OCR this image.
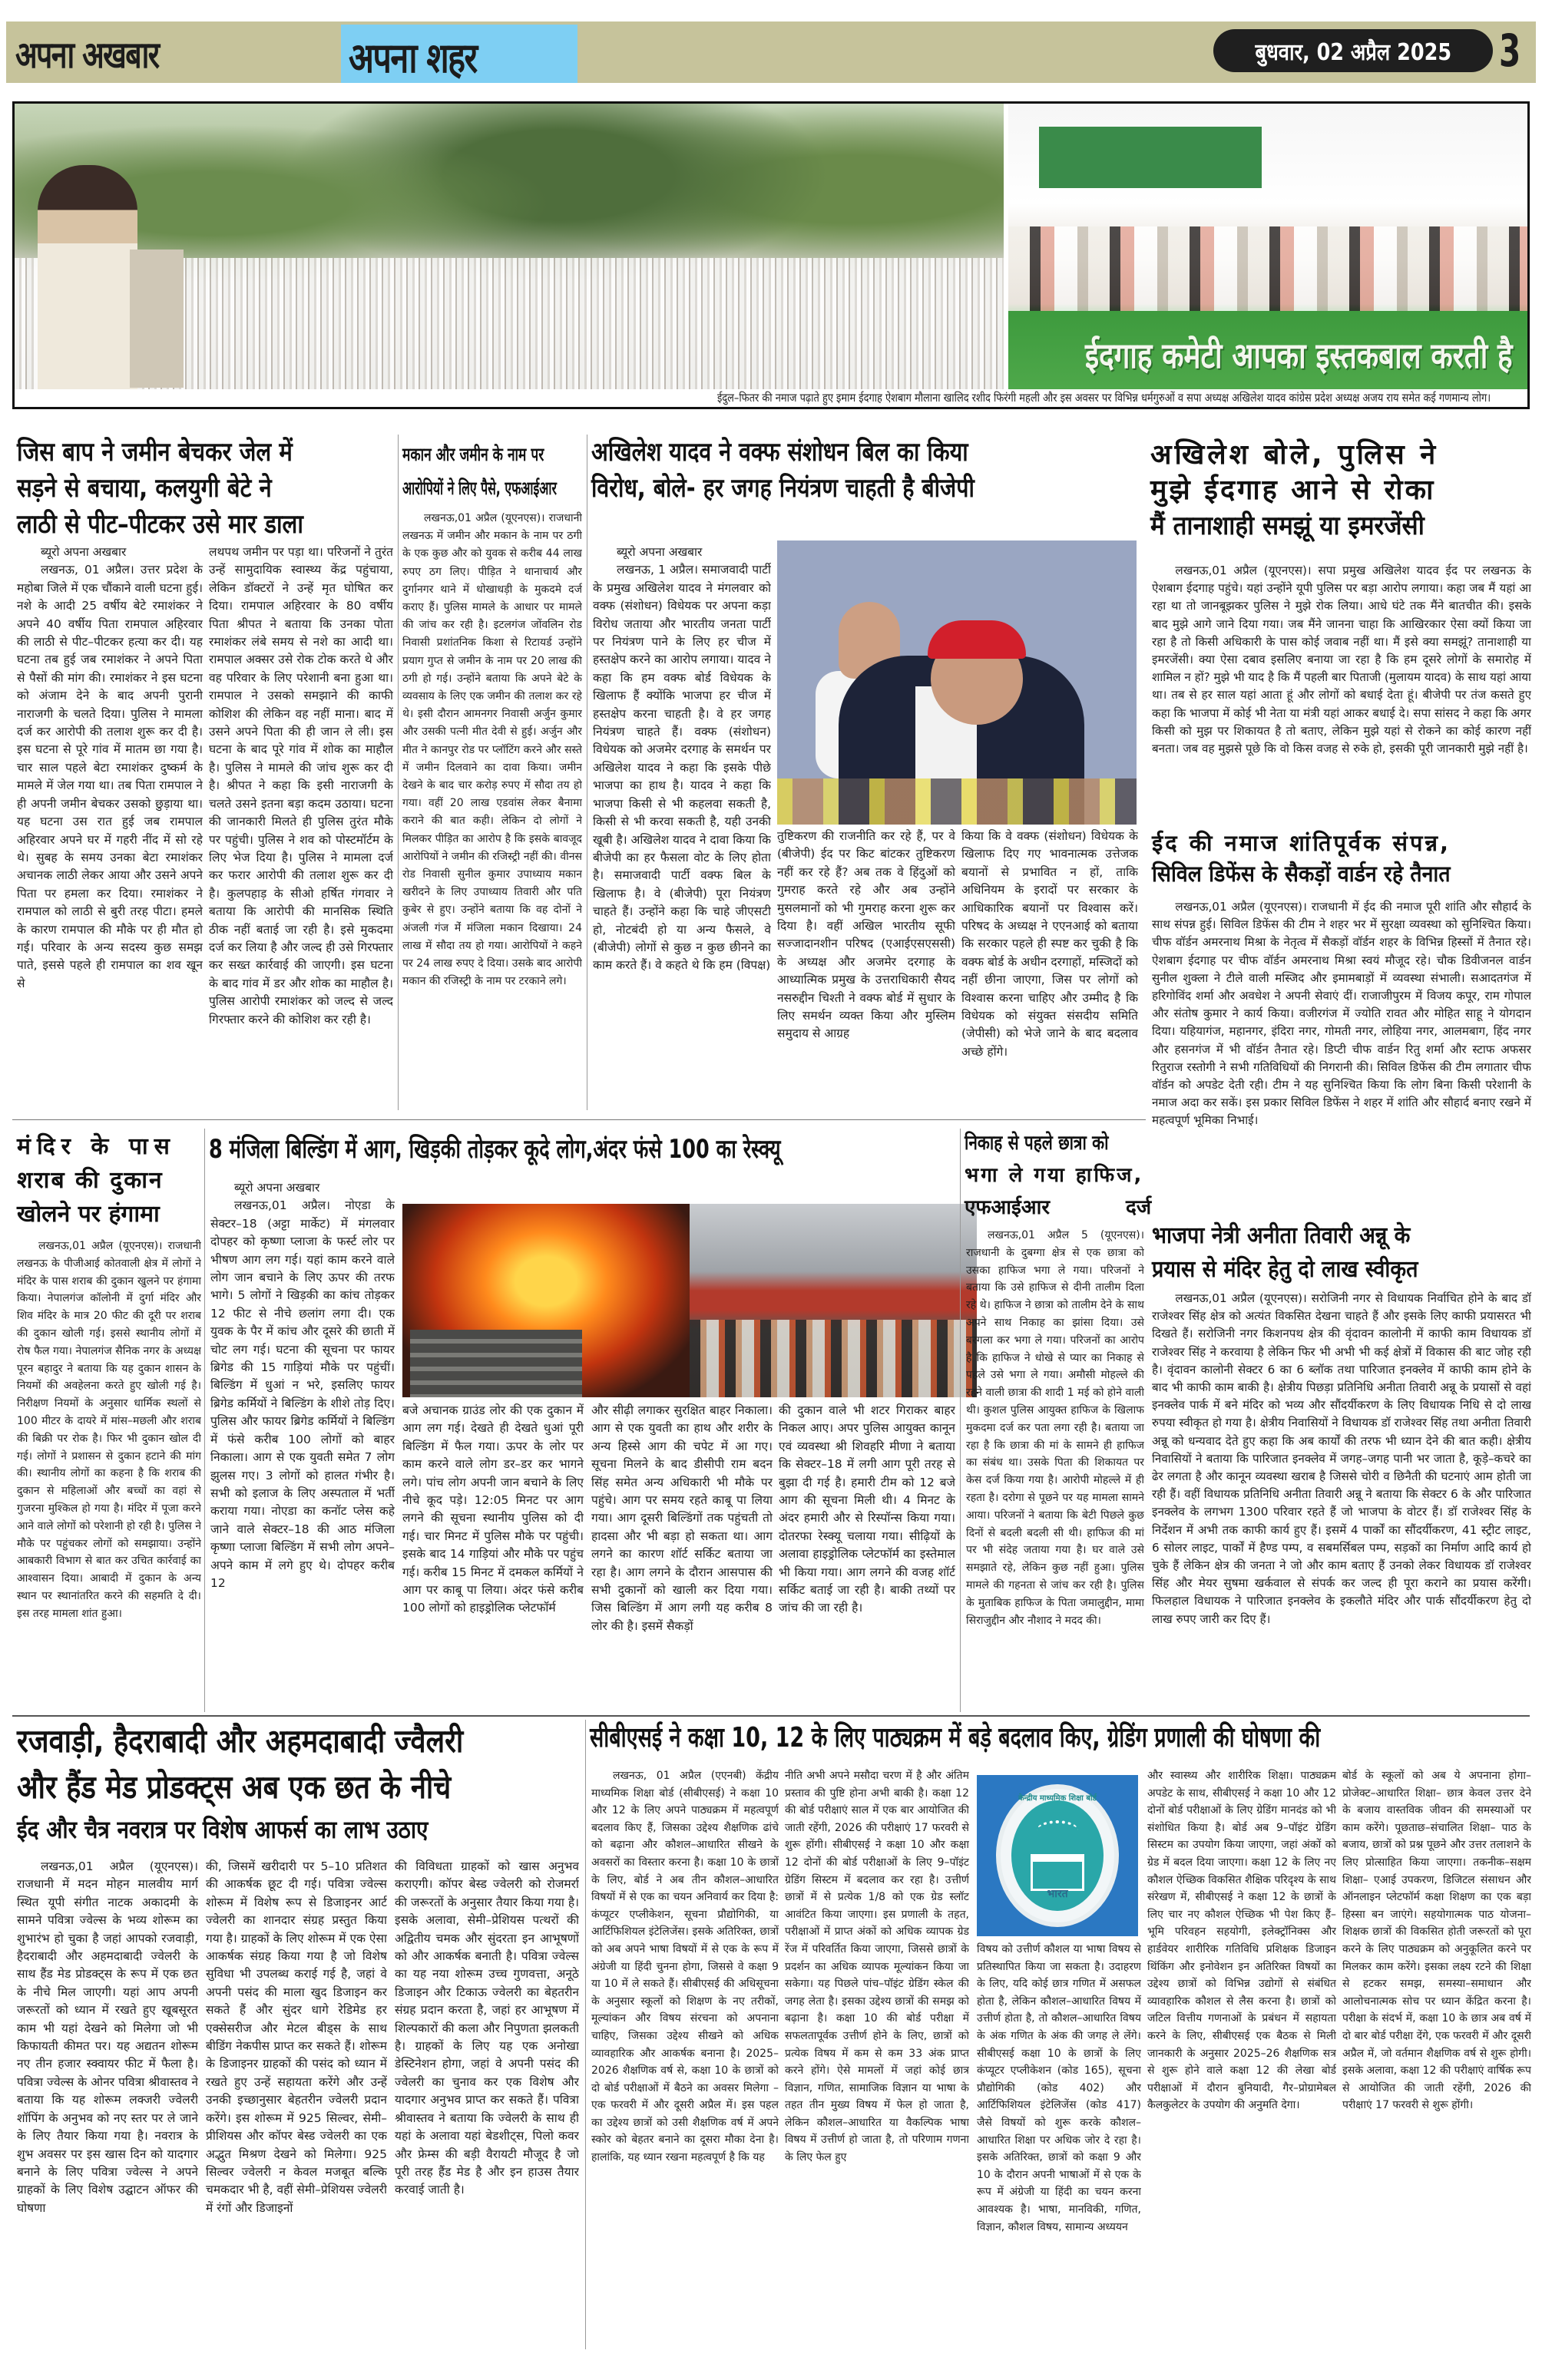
अपना अखबार	अपना शहर	बुधवार, 02 अप्रैल 2025 3
ईदगाह कमेटी आपका इस्तकबाल करती है
ईदुल–फितर की नमाज पढ़ाते हुए इमाम ईदगाह ऐशबाग मौलाना खालिद रशीद फिरंगी महली और इस अवसर पर विभिन्न धर्मगुरुओं व सपा अध्यक्ष अखिलेश यादव कांग्रेस प्रदेश अध्यक्ष अजय राय समेत कई गणमान्य लोग।
जिस बाप ने जमीन बेचकर जेल में
सड़ने से बचाया, कलयुगी बेटे ने
लाठी से पीट–पीटकर उसे मार डाला

ब्यूरो अपना अखबार

लखनऊ, 01 अप्रैल। उत्तर प्रदेश के महोबा जिले में एक चौंकाने वाली घटना हुई। नशे के आदी 25 वर्षीय बेटे रमाशंकर ने अपने 40 वर्षीय पिता रामपाल अहिरवार की लाठी से पीट–पीटकर हत्या कर दी। यह घटना तब हुई जब रमाशंकर ने अपने पिता से पैसों की मांग की। रमाशंकर ने इस घटना को अंजाम देने के बाद अपनी पुरानी नाराजगी के चलते दिया। पुलिस ने मामला दर्ज कर आरोपी की तलाश शुरू कर दी है। इस घटना से पूरे गांव में मातम छा गया है। चार साल पहले बेटा रमाशंकर दुष्कर्म के मामले में जेल गया था। तब पिता रामपाल ने ही अपनी जमीन बेचकर उसको छुड़ाया था। यह घटना उस रात हुई जब रामपाल अहिरवार अपने घर में गहरी नींद में सो रहे थे। सुबह के समय उनका बेटा रमाशंकर अचानक लाठी लेकर आया और उसने अपने पिता पर हमला कर दिया। रमाशंकर ने रामपाल को लाठी से बुरी तरह पीटा। हमले के कारण रामपाल की मौके पर ही मौत हो गई। परिवार के अन्य सदस्य कुछ समझ पाते, इससे पहले ही रामपाल का शव खून से

लथपथ जमीन पर पड़ा था। परिजनों ने तुरंत उन्हें सामुदायिक स्वास्थ्य केंद्र पहुंचाया, लेकिन डॉक्टरों ने उन्हें मृत घोषित कर दिया। रामपाल अहिरवार के 80 वर्षीय पिता श्रीपत ने बताया कि उनका पोता रमाशंकर लंबे समय से नशे का आदी था। रामपाल अक्सर उसे रोक टोक करते थे और वह परिवार के लिए परेशानी बना हुआ था। रामपाल ने उसको समझाने की काफी कोशिश की लेकिन वह नहीं माना। बाद में उसने अपने पिता की ही जान ले ली। इस घटना के बाद पूरे गांव में शोक का माहौल है। पुलिस ने मामले की जांच शुरू कर दी है। श्रीपत ने कहा कि इसी नाराजगी के चलते उसने इतना बड़ा कदम उठाया। घटना की जानकारी मिलते ही पुलिस तुरंत मौके पर पहुंची। पुलिस ने शव को पोस्टमॉर्टम के लिए भेज दिया है। पुलिस ने मामला दर्ज कर फरार आरोपी की तलाश शुरू कर दी है। कुलपहाड़ के सीओ हर्षित गंगवार ने बताया कि आरोपी की मानसिक स्थिति ठीक नहीं बताई जा रही है। इसे मुकदमा दर्ज कर लिया है और जल्द ही उसे गिरफ्तार कर सख्त कार्रवाई की जाएगी। इस घटना के बाद गांव में डर और शोक का माहौल है। पुलिस आरोपी रमाशंकर को जल्द से जल्द गिरफ्तार करने की कोशिश कर रही है।

मकान और जमीन के नाम पर
आरोपियों ने लिए पैसे, एफआईआर

लखनऊ,01 अप्रैल (यूएनएस)। राजधानी लखनऊ में जमीन और मकान के नाम पर ठगी के एक कुछ और को युवक से करीब 44 लाख रुपए ठग लिए। पीड़ित ने थानाचार्य और दुर्गानगर थाने में धोखाधड़ी के मुकदमे दर्ज कराए हैं। पुलिस मामले के आधार पर मामले की जांच कर रही है। इटलगंज जोंवलिन रोड निवासी प्रशांतनिक किशा से रिटायर्ड उन्होंने प्रयाग गुप्त से जमीन के नाम पर 20 लाख की ठगी हो गई। उन्होंने बताया कि अपने बेटे के व्यवसाय के लिए एक जमीन की तलाश कर रहे थे। इसी दौरान आमनगर निवासी अर्जुन कुमार और उसकी पत्नी मीत देवी से हुई। अर्जुन और मीत ने कानपुर रोड पर प्लॉटिंग करने और सस्ते में जमीन दिलवाने का दावा किया। जमीन देखने के बाद चार करोड़ रुपए में सौदा तय हो गया। वहीं 20 लाख एडवांस लेकर बैनामा कराने की बात कही। लेकिन दो लोगों ने मिलकर पीड़ित का आरोप है कि इसके बावजूद आरोपियों ने जमीन की रजिस्ट्री नहीं की। वीनस रोड निवासी सुनील कुमार उपाध्याय मकान खरीदने के लिए उपाध्याय तिवारी और पति कुबेर से हुए। उन्होंने बताया कि वह दोनों ने अंजली गंज मेंं मंजिला मकान दिखाया। 24 लाख में सौदा तय हो गया। आरोपियों ने कहने पर 24 लाख रुपए दे दिया। उसके बाद आरोपी मकान की रजिस्ट्री के नाम पर टरकाने लगे।

अखिलेश यादव ने वक्फ संशोधन बिल का किया
विरोध, बोले- हर जगह नियंत्रण चाहती है बीजेपी

ब्यूरो अपना अखबार

लखनऊ, 1 अप्रैल। समाजवादी पार्टी के प्रमुख अखिलेश यादव ने मंगलवार को वक्फ (संशोधन) विधेयक पर अपना कड़ा विरोध जताया और भारतीय जनता पार्टी पर नियंत्रण पाने के लिए हर चीज में हस्तक्षेप करने का आरोप लगाया। यादव ने कहा कि हम वक्फ बोर्ड विधेयक के खिलाफ हैं क्योंकि भाजपा हर चीज में हस्तक्षेप करना चाहती है। वे हर जगह नियंत्रण चाहते हैं। वक्फ (संशोधन) विधेयक को अजमेर दरगाह के समर्थन पर अखिलेश यादव ने कहा कि इसके पीछे भाजपा का हाथ है। यादव ने कहा कि भाजपा किसी से भी कहलवा सकती है, किसी से भी करवा सकती है, यही उनकी खूबी है। अखिलेश यादव ने दावा किया कि बीजेपी का हर फैसला वोट के लिए होता है। समाजवादी पार्टी वक्फ बिल के खिलाफ है। वे (बीजेपी) पूरा नियंत्रण चाहते हैं। उन्होंने कहा कि चाहे जीएसटी हो, नोटबंदी हो या अन्य फैसले, वे (बीजेपी) लोगों से कुछ न कुछ छीनने का काम करते हैं। वे कहते थे कि हम (विपक्ष)

तुष्टिकरण की राजनीति कर रहे हैं, पर वे (बीजेपी) ईद पर किट बांटकर तुष्टिकरण नहीं कर रहे हैं? अब तक वे हिंदुओं को गुमराह करते रहे और अब उन्होंने मुसलमानों को भी गुमराह करना शुरू कर दिया है। वहीं अखिल भारतीय सूफी सज्जादानशीन परिषद (एआईएसएससी) के अध्यक्ष और अजमेर दरगाह के आध्यात्मिक प्रमुख के उत्तराधिकारी सैयद नसरुद्दीन चिश्ती ने वक्फ बोर्ड में सुधार के लिए समर्थन व्यक्त किया और मुस्लिम समुदाय से आग्रह

किया कि वे वक्फ (संशोधन) विधेयक के खिलाफ दिए गए भावनात्मक उत्तेजक बयानों से प्रभावित न हों, ताकि अधिनियम के इरादों पर सरकार के आधिकारिक बयानों पर विश्वास करें। परिषद के अध्यक्ष ने एएनआई को बताया कि सरकार पहले ही स्पष्ट कर चुकी है कि वक्फ बोर्ड के अधीन दरगाहों, मस्जिदों को नहीं छीना जाएगा, जिस पर लोगों को विश्वास करना चाहिए और उम्मीद है कि विधेयक को संयुक्त संसदीय समिति (जेपीसी) को भेजे जाने के बाद बदलाव अच्छे होंगे।

अखिलेश बोले, पुलिस ने
मुझे ईदगाह आने से रोका
मैं तानाशाही समझूं या इमरजेंसी

लखनऊ,01 अप्रैल (यूएनएस)। सपा प्रमुख अखिलेश यादव ईद पर लखनऊ के ऐशबाग ईदगाह पहुंचे। यहां उन्होंने यूपी पुलिस पर बड़ा आरोप लगाया। कहा जब मैं यहां आ रहा था तो जानबूझकर पुलिस ने मुझे रोक लिया। आधे घंटे तक मैंने बातचीत की। इसके बाद मुझे आगे जाने दिया गया। जब मैंने जानना चाहा कि आखिरकार ऐसा क्यों किया जा रहा है तो किसी अधिकारी के पास कोई जवाब नहीं था। मैं इसे क्या समझूं? तानाशाही या इमरजेंसी। क्या ऐसा दबाव इसलिए बनाया जा रहा है कि हम दूसरे लोगों के समारोह में शामिल न हों? मुझे भी याद है कि मैं पहली बार पिताजी (मुलायम यादव) के साथ यहां आया था। तब से हर साल यहां आता हूं और लोगों को बधाई देता हूं। बीजेपी पर तंज कसते हुए कहा कि भाजपा में कोई भी नेता या मंत्री यहां आकर बधाई दे। सपा सांसद ने कहा कि अगर किसी को मुझ पर शिकायत है तो बताए, लेकिन मुझे यहां से रोकने का कोई कारण नहीं बनता। जब वह मुझसे पूछे कि वो किस वजह से रुके हो, इसकी पूरी जानकारी मुझे नहीं है।

ईद की नमाज शांतिपूर्वक संपन्न,
सिविल डिफेंस के सैकड़ों वार्डन रहे तैनात

लखनऊ,01 अप्रैल (यूएनएस)। राजधानी में ईद की नमाज पूरी शांति और सौहार्द के साथ संपन्न हुई। सिविल डिफेंस की टीम ने शहर भर में सुरक्षा व्यवस्था को सुनिश्चित किया। चीफ वॉर्डन अमरनाथ मिश्रा के नेतृत्व में सैकड़ों वॉर्डन शहर के विभिन्न हिस्सों में तैनात रहे। ऐशबाग ईदगाह पर चीफ वॉर्डन अमरनाथ मिश्रा स्वयं मौजूद रहे। चौक डिवीजनल वार्डन सुनील शुक्ला ने टीले वाली मस्जिद और इमामबाड़ों में व्यवस्था संभाली। सआदतगंज में हरिगोविंद शर्मा और अवधेश ने अपनी सेवाएं दीं। राजाजीपुरम में विजय कपूर, राम गोपाल और संतोष कुमार ने कार्य किया। वजीरगंज में ज्योति रावत और मोहित साहू ने योगदान दिया। यहियागंज, महानगर, इंदिरा नगर, गोमती नगर, लोहिया नगर, आलमबाग, हिंद नगर और हसनगंज में भी वॉर्डन तैनात रहे। डिप्टी चीफ वार्डन रितु शर्मा और स्टाफ अफसर रितुराज रस्तोगी ने सभी गतिविधियों की निगरानी की। सिविल डिफेंस की टीम लगातार चीफ वॉर्डन को अपडेट देती रही। टीम ने यह सुनिश्चित किया कि लोग बिना किसी परेशानी के नमाज अदा कर सकें। इस प्रकार सिविल डिफेंस ने शहर में शांति और सौहार्द बनाए रखने में महत्वपूर्ण भूमिका निभाई।

मंदिर के पास
शराब की दुकान
खोलने पर हंगामा

लखनऊ,01 अप्रैल (यूएनएस)। राजधानी लखनऊ के पीजीआई कोतवाली क्षेत्र में लोगों ने मंदिर के पास शराब की दुकान खुलने पर हंगामा किया। नेपालगंज कॉलोनी में दुर्गा मंदिर और शिव मंदिर के मात्र 20 फीट की दूरी पर शराब की दुकान खोली गई। इससे स्थानीय लोगों में रोष फैल गया। नेपालगंज सैनिक नगर के अध्यक्ष पूरन बहादुर ने बताया कि यह दुकान शासन के नियमों की अवहेलना करते हुए खोली गई है। निरीक्षण नियमों के अनुसार धार्मिक स्थलों से 100 मीटर के दायरे में मांस–मछली और शराब की बिक्री पर रोक है। फिर भी दुकान खोल दी गई। लोगों ने प्रशासन से दुकान हटाने की मांग की। स्थानीय लोगों का कहना है कि शराब की दुकान से महिलाओं और बच्चों का वहां से गुजरना मुश्किल हो गया है। मंदिर में पूजा करने आने वाले लोगों को परेशानी हो रही है। पुलिस ने मौके पर पहुंचकर लोगों को समझाया। उन्होंने आबकारी विभाग से बात कर उचित कार्रवाई का आश्वासन दिया। आबादी में दुकान के अन्य स्थान पर स्थानांतरित करने की सहमति दे दी। इस तरह मामला शांत हुआ।

8 मंजिला बिल्डिंग में आग, खिड़की तोड़कर कूदे लोग,अंदर फंसे 100 का रेस्क्यू

ब्यूरो अपना अखबार

लखनऊ,01 अप्रैल। नोएडा के सेक्टर–18 (अट्टा मार्केट) में मंगलवार दोपहर को कृष्णा प्लाजा के फर्स्ट लोर पर भीषण आग लग गई। यहां काम करने वाले लोग जान बचाने के लिए ऊपर की तरफ भागे। 5 लोगों ने खिड़की का कांच तोड़कर 12 फीट से नीचे छलांग लगा दी। एक युवक के पैर में कांच और दूसरे की छाती में चोट लग गई। घटना की सूचना पर फायर ब्रिगेड की 15 गाड़ियां मौके पर पहुंचीं। बिल्डिंग में धुआं न भरे, इसलिए फायर ब्रिगेड कर्मियों ने बिल्डिंग के शीशे तोड़ दिए। पुलिस और फायर ब्रिगेड कर्मियों ने बिल्डिंग में फंसे करीब 100 लोगों को बाहर निकाला। आग से एक युवती समेत 7 लोग झुलस गए। 3 लोगों को हालत गंभीर है। सभी को इलाज के लिए अस्पताल में भर्ती कराया गया। नोएडा का कनॉट प्लेस कहे जाने वाले सेक्टर–18 की आठ मंजिला कृष्णा प्लाजा बिल्डिंग में सभी लोग अपने–अपने काम में लगे हुए थे। दोपहर करीब 12

बजे अचानक ग्राउंड लोर की एक दुकान में आग लग गई। देखते ही देखते धुआं पूरी बिल्डिंग में फैल गया। ऊपर के लोर पर काम करने वाले लोग डर–डर कर भागने लगे। पांच लोग अपनी जान बचाने के लिए नीचे कूद पड़े। 12:05 मिनट पर आग लगने की सूचना स्थानीय पुलिस को दी गई। चार मिनट में पुलिस मौके पर पहुंची। इसके बाद 14 गाड़ियां और मौके पर पहुंच गई। करीब 15 मिनट में दमकल कर्मियों ने आग पर काबू पा लिया। अंदर फंसे करीब 100 लोगों को हाइड्रोलिक प्लेटफॉर्म

और सीढ़ी लगाकर सुरक्षित बाहर निकाला। आग से एक युवती का हाथ और शरीर के अन्य हिस्से आग की चपेट में आ गए। सूचना मिलने के बाद डीसीपी राम बदन सिंह समेत अन्य अधिकारी भी मौके पर पहुंचे। आग पर समय रहते काबू पा लिया गया। आग दूसरी बिल्डिंगों तक पहुंचती तो हादसा और भी बड़ा हो सकता था। आग लगने का कारण शॉर्ट सर्किट बताया जा रहा है। आग लगने के दौरान आसपास की सभी दुकानों को खाली कर दिया गया। जिस बिल्डिंग में आग लगी यह करीब 8 लोर की है। इसमें सैकड़ों

की दुकान वाले भी शटर गिराकर बाहर निकल आए। अपर पुलिस आयुक्त कानून एवं व्यवस्था श्री शिवहरि मीणा ने बताया कि सेक्टर–18 में लगी आग पूरी तरह से बुझा दी गई है। हमारी टीम को 12 बजे आग की सूचना मिली थी। 4 मिनट के अंदर हमारी और से रिस्पॉन्स किया गया। दोतरफा रेस्क्यू चलाया गया। सीढ़ियों के अलावा हाइड्रोलिक प्लेटफॉर्म का इस्तेमाल भी किया गया। आग लगने की वजह शॉर्ट सर्किट बताई जा रही है। बाकी तथ्यों पर जांच की जा रही है।

निकाह से पहले छात्रा को
भगा ले गया हाफिज,
एफआईआर दर्ज

लखनऊ,01 अप्रैल 5 (यूएनएस)। राजधानी के दुबग्गा क्षेत्र से एक छात्रा को उसका हाफिज भगा ले गया। परिजनों ने बताया कि उसे हाफिज से दीनी तालीम दिला रहे थे। हाफिज ने छात्रा को तालीम देने के साथ अपने साथ निकाह का झांसा दिया। उसे बरगला कर भगा ले गया। परिजनों का आरोप है कि हाफिज ने धोखे से प्यार का निकाह से पहले उसे भगा ले गया। अमौसी मोहल्ले की रहने वाली छात्रा की शादी 1 मई को होने वाली थी। कुशल पुलिस आयुक्त हाफिज के खिलाफ मुकदमा दर्ज कर पता लगा रही है। बताया जा रहा है कि छात्रा की मां के सामने ही हाफिज का संबंध था। उसके पिता की शिकायत पर केस दर्ज किया गया है। आरोपी मोहल्ले में ही रहता है। दरोगा से पूछने पर यह मामला सामने आया। परिजनों ने बताया कि बेटी पिछले कुछ दिनों से बदली बदली सी थी। हाफिज की मां पर भी संदेह जताया गया है। घर वाले उसे समझाते रहे, लेकिन कुछ नहीं हुआ। पुलिस मामले की गहनता से जांच कर रही है। पुलिस के मुताबिक हाफिज के पिता जमालुद्दीन, मामा सिराजुद्दीन और नौशाद ने मदद की।

भाजपा नेत्री अनीता तिवारी अन्नू के
प्रयास से मंदिर हेतु दो लाख स्वीकृत

लखनऊ,01 अप्रैल (यूएनएस)। सरोजिनी नगर से विधायक निर्वाचित होने के बाद डॉ राजेश्वर सिंह क्षेत्र को अत्यंत विकसित देखना चाहते हैं और इसके लिए काफी प्रयासरत भी दिखते हैं। सरोजिनी नगर किशनपथ क्षेत्र की वृंदावन कालोनी में काफी काम विधायक डॉ राजेश्वर सिंह ने करवाया है लेकिन फिर भी अभी भी कई क्षेत्रों में विकास की बाट जोह रही है। वृंदावन कालोनी सेक्टर 6 का 6 ब्लॉक तथा पारिजात इनक्लेव में काफी काम होने के बाद भी काफी काम बाकी है। क्षेत्रीय पिछड़ा प्रतिनिधि अनीता तिवारी अन्नू के प्रयासों से वहां इनक्लेव पार्क में बने मंदिर को भव्य और सौंदर्यीकरण के लिए विधायक निधि से दो लाख रुपया स्वीकृत हो गया है। क्षेत्रीय निवासियों ने विधायक डॉ राजेश्वर सिंह तथा अनीता तिवारी अन्नू को धन्यवाद देते हुए कहा कि अब कार्यों की तरफ भी ध्यान देने की बात कही। क्षेत्रीय निवासियों ने बताया कि पारिजात इनक्लेव में जगह–जगह पानी भर जाता है, कूड़े–कचरे का ढेर लगता है और कानून व्यवस्था खराब है जिससे चोरी व छिनैती की घटनाएं आम होती जा रही हैं। वहीं विधायक प्रतिनिधि अनीता तिवारी अन्नू ने बताया कि सेक्टर 6 के और पारिजात इनक्लेव के लगभग 1300 परिवार रहते हैं जो भाजपा के वोटर हैं। डॉ राजेश्वर सिंह के निर्देशन में अभी तक काफी कार्य हुए हैं। इसमें 4 पार्कों का सौंदर्यीकरण, 41 स्ट्रीट लाइट, 6 सोलर लाइट, पार्कों में हैण्ड पम्प, व सबमर्सिबल पम्प, सड़कों का निर्माण आदि कार्य हो चुके हैं लेकिन क्षेत्र की जनता ने जो और काम बताए हैं उनको लेकर विधायक डॉ राजेश्वर सिंह और मेयर सुषमा खर्कवाल से संपर्क कर जल्द ही पूरा कराने का प्रयास करेंगी। फिलहाल विधायक ने पारिजात इनक्लेव के इकलौते मंदिर और पार्क सौंदर्यीकरण हेतु दो लाख रुपए जारी कर दिए हैं।

रजवाड़ी, हैदराबादी और अहमदाबादी ज्वैलरी
और हैंड मेड प्रोडक्ट्स अब एक छत के नीचे
ईद और चैत्र नवरात्र पर विशेष आफर्स का लाभ उठाए

लखनऊ,01 अप्रैल (यूएनएस)। राजधानी में मदन मोहन मालवीय मार्ग स्थित यूपी संगीत नाटक अकादमी के सामने पवित्रा ज्वेल्स के भव्य शोरूम का शुभारंभ हो चुका है जहां आपको रजवाड़ी, हैदराबादी और अहमदाबादी ज्वेलरी के साथ हैंड मेड प्रोडक्ट्स के रूप में एक छत के नीचे मिल जाएगी। यहां आप अपनी जरूरतों को ध्यान में रखते हुए खूबसूरत काम भी यहां देखने को मिलेगा जो भी किफायती कीमत पर। यह अद्यतन शोरूम नए तीन हजार स्क्वायर फीट में फैला है। पवित्रा ज्वेल्स के ओनर पवित्रा श्रीवास्तव ने बताया कि यह शोरूम लक्जरी ज्वेलरी शॉपिंग के अनुभव को नए स्तर पर ले जाने के लिए तैयार किया गया है। नवरात्र के शुभ अवसर पर इस खास दिन को यादगार बनाने के लिए पवित्रा ज्वेल्स ने अपने ग्राहकों के लिए विशेष उद्घाटन ऑफर की घोषणा

की, जिसमें खरीदारी पर 5–10 प्रतिशत की आकर्षक छूट दी गई। पवित्रा ज्वेल्स शोरूम में विशेष रूप से डिजाइनर आर्ट ज्वेलरी का शानदार संग्रह प्रस्तुत किया गया है। ग्राहकों के लिए शोरूम में एक ऐसा आकर्षक संग्रह किया गया है जो विशेष सुविधा भी उपलब्ध कराई गई है, जहां वे अपनी पसंद की माला खुद डिजाइन कर सकते हैं और सुंदर धागे रेडिमेड हर एक्सेसरीज और मेटल बीड्स के साथ बीडिंग नेकपीस प्राप्त कर सकते हैं। शोरूम के डिजाइनर ग्राहकों की पसंद को ध्यान में रखते हुए उन्हें सहायता करेंगे और उन्हें उनकी इच्छानुसार बेहतरीन ज्वेलरी प्रदान करेंगे। इस शोरूम में 925 सिल्वर, सेमी–प्रीशियस और कॉपर बेस्ड ज्वेलरी का एक अद्भुत मिश्रण देखने को मिलेगा। 925 सिल्वर ज्वेलरी न केवल मजबूत बल्कि चमकदार भी है, वहीं सेमी–प्रेशियस ज्वेलरी में रंगों और डिजाइनों

की विविधता ग्राहकों को खास अनुभव कराएगी। कॉपर बेस्ड ज्वेलरी को रोजमर्रा की जरूरतों के अनुसार तैयार किया गया है। इसके अलावा, सेमी–प्रेशियस पत्थरों की अद्वितीय चमक और सुंदरता इन आभूषणों को और आकर्षक बनाती है। पवित्रा ज्वेल्स का यह नया शोरूम उच्च गुणवत्ता, अनूठे डिजाइन और टिकाऊ ज्वेलरी का बेहतरीन संग्रह प्रदान करता है, जहां हर आभूषण में शिल्पकारों की कला और निपुणता झलकती है। ग्राहकों के लिए यह एक अनोखा डेस्टिनेशन होगा, जहां वे अपनी पसंद की ज्वेलरी का चुनाव कर एक विशेष और यादगार अनुभव प्राप्त कर सकते हैं। पवित्रा श्रीवास्तव ने बताया कि ज्वेलरी के साथ ही यहां के अलावा यहां बेडशीट्स, पिलो कवर और फ्रेम्स की बड़ी वैरायटी मौजूद है जो पूरी तरह हैंड मेड है और इन हाउस तैयार करवाई जाती है।

सीबीएसई ने कक्षा 10, 12 के लिए पाठ्यक्रम में बड़े बदलाव किए, ग्रेडिंग प्रणाली की घोषणा की

लखनऊ, 01 अप्रैल (एएनबी) केंद्रीय माध्यमिक शिक्षा बोर्ड (सीबीएसई) ने कक्षा 10 और 12 के लिए अपने पाठ्यक्रम में महत्वपूर्ण बदलाव किए हैं, जिसका उद्देश्य शैक्षणिक ढांचे को बढ़ाना और कौशल–आधारित सीखने के अवसरों का विस्तार करना है। कक्षा 10 के छात्रों के लिए, बोर्ड ने अब तीन कौशल–आधारित विषयों में से एक का चयन अनिवार्य कर दिया है: कंप्यूटर एप्लीकेशन, सूचना प्रौद्योगिकी, या आर्टिफिशियल इंटेलिजेंस। इसके अतिरिक्त, छात्रों को अब अपने भाषा विषयों में से एक के रूप में अंग्रेजी या हिंदी चुनना होगा, जिससे वे कक्षा 9 या 10 में ले सकते हैं। सीबीएसई की अधिसूचना के अनुसार स्कूलों को शिक्षण के नए तरीकों, मूल्यांकन और विषय संरचना को अपनाना चाहिए, जिसका उद्देश्य सीखने को अधिक व्यावहारिक और आकर्षक बनाना है। 2025–2026 शैक्षणिक वर्ष से, कक्षा 10 के छात्रों को दो बोर्ड परीक्षाओं में बैठने का अवसर मिलेगा – एक फरवरी में और दूसरी अप्रैल में। इस पहल का उद्देश्य छात्रों को उसी शैक्षणिक वर्ष में अपने स्कोर को बेहतर बनाने का दूसरा मौका देना है। हालांकि, यह ध्यान रखना महत्वपूर्ण है कि यह

नीति अभी अपने मसौदा चरण में है और अंतिम प्रस्ताव की पुष्टि होना अभी बाकी है। कक्षा 12 की बोर्ड परीक्षाएं साल में एक बार आयोजित की जाती रहेंगी, 2026 की परीक्षाएं 17 फरवरी से शुरू होंगी। सीबीएसई ने कक्षा 10 और कक्षा 12 दोनों की बोर्ड परीक्षाओं के लिए 9–पॉइंट ग्रेडिंग सिस्टम में बदलाव कर रहा है। उत्तीर्ण छात्रों में से प्रत्येक 1/8 को एक ग्रेड स्लॉट आवंटित किया जाएगा। इस प्रणाली के तहत, परीक्षाओं में प्राप्त अंकों को अधिक व्यापक ग्रेड रेंज में परिवर्तित किया जाएगा, जिससे छात्रों के प्रदर्शन का अधिक व्यापक मूल्यांकन किया जा सकेगा। यह पिछले पांच–पॉइंट ग्रेडिंग स्केल की जगह लेता है। इसका उद्देश्य छात्रों की समझ को बढ़ाना है। कक्षा 10 की बोर्ड परीक्षा में सफलतापूर्वक उत्तीर्ण होने के लिए, छात्रों को प्रत्येक विषय में कम से कम 33 अंक प्राप्त करने होंगे। ऐसे मामलों में जहां कोई छात्र विज्ञान, गणित, सामाजिक विज्ञान या भाषा के तहत तीन मुख्य विषय में फेल हो जाता है, लेकिन कौशल–आधारित या वैकल्पिक भाषा विषय में उत्तीर्ण हो जाता है, तो परिणाम गणना के लिए फेल हुए

केन्द्रीय माध्यमिक शिक्षा बोर्ड
भारत

विषय को उत्तीर्ण कौशल या भाषा विषय से प्रतिस्थापित किया जा सकता है। उदाहरण के लिए, यदि कोई छात्र गणित में असफल होता है, लेकिन कौशल–आधारित विषय में उत्तीर्ण होता है, तो कौशल–आधारित विषय के अंक गणित के अंक की जगह ले लेंगे। सीबीएसई कक्षा 10 के छात्रों के लिए कंप्यूटर एप्लीकेशन (कोड 165), सूचना प्रौद्योगिकी (कोड 402) और आर्टिफिशियल इंटेलिजेंस (कोड 417) जैसे विषयों को शुरू करके कौशल–आधारित शिक्षा पर अधिक जोर दे रहा है। इसके अतिरिक्त, छात्रों को कक्षा 9 और 10 के दौरान अपनी भाषाओं में से एक के रूप में अंग्रेजी या हिंदी का चयन करना आवश्यक है। भाषा, मानविकी, गणित, विज्ञान, कौशल विषय, सामान्य अध्ययन

और स्वास्थ्य और शारीरिक शिक्षा। पाठ्यक्रम अपडेट के साथ, सीबीएसई ने कक्षा 10 और 12 दोनों बोर्ड परीक्षाओं के लिए ग्रेडिंग मानदंड को भी संशोधित किया है। बोर्ड अब 9–पॉइंट ग्रेडिंग सिस्टम का उपयोग किया जाएगा, जहां अंकों को ग्रेड में बदल दिया जाएगा। कक्षा 12 के लिए नए कौशल ऐच्छिक विकसित शैक्षिक परिदृश्य के साथ संरेखण में, सीबीएसई ने कक्षा 12 के छात्रों के लिए चार नए कौशल ऐच्छिक भी पेश किए हैं– भूमि परिवहन सहयोगी, इलेक्ट्रॉनिक्स और हार्डवेयर शारीरिक गतिविधि प्रशिक्षक डिजाइन थिंकिंग और इनोवेशन इन अतिरिक्त विषयों का उद्देश्य छात्रों को विभिन्न उद्योगों से संबंधित व्यावहारिक कौशल से लैस करना है। छात्रों को जटिल वित्तीय गणनाओं के प्रबंधन में सहायता करने के लिए, सीबीएसई एक बैठक से मिली जानकारी के अनुसार 2025–26 शैक्षणिक सत्र से शुरू होने वाले कक्षा 12 की लेखा बोर्ड परीक्षाओं में दौरान बुनियादी, गैर–प्रोग्रामेबल कैलकुलेटर के उपयोग की अनुमति देगा।

बोर्ड के स्कूलों को अब ये अपनाना होगा– प्रोजेक्ट–आधारित शिक्षा– छात्र केवल उत्तर देने के बजाय वास्तविक जीवन की समस्याओं पर काम करेंगे। पूछताछ–संचालित शिक्षा– पाठ के बजाय, छात्रों को प्रश्न पूछने और उत्तर तलाशने के लिए प्रोत्साहित किया जाएगा। तकनीक–सक्षम शिक्षा– एआई उपकरण, डिजिटल संसाधन और ऑनलाइन प्लेटफॉर्म कक्षा शिक्षण का एक बड़ा हिस्सा बन जाएंगे। सहयोगात्मक पाठ योजना– शिक्षक छात्रों की विकसित होती जरूरतों को पूरा करने के लिए पाठ्यक्रम को अनुकूलित करने पर मिलकर काम करेंगे। इसका लक्ष्य रटने की शिक्षा से हटकर समझ, समस्या–समाधान और आलोचनात्मक सोच पर ध्यान केंद्रित करना है। परीक्षा के संदर्भ में, कक्षा 10 के छात्र अब वर्ष में दो बार बोर्ड परीक्षा देंगे, एक फरवरी में और दूसरी अप्रैल में, जो वर्तमान शैक्षणिक वर्ष से शुरू होगी। इसके अलावा, कक्षा 12 की परीक्षाएं वार्षिक रूप से आयोजित की जाती रहेंगी, 2026 की परीक्षाएं 17 फरवरी से शुरू होंगी।
